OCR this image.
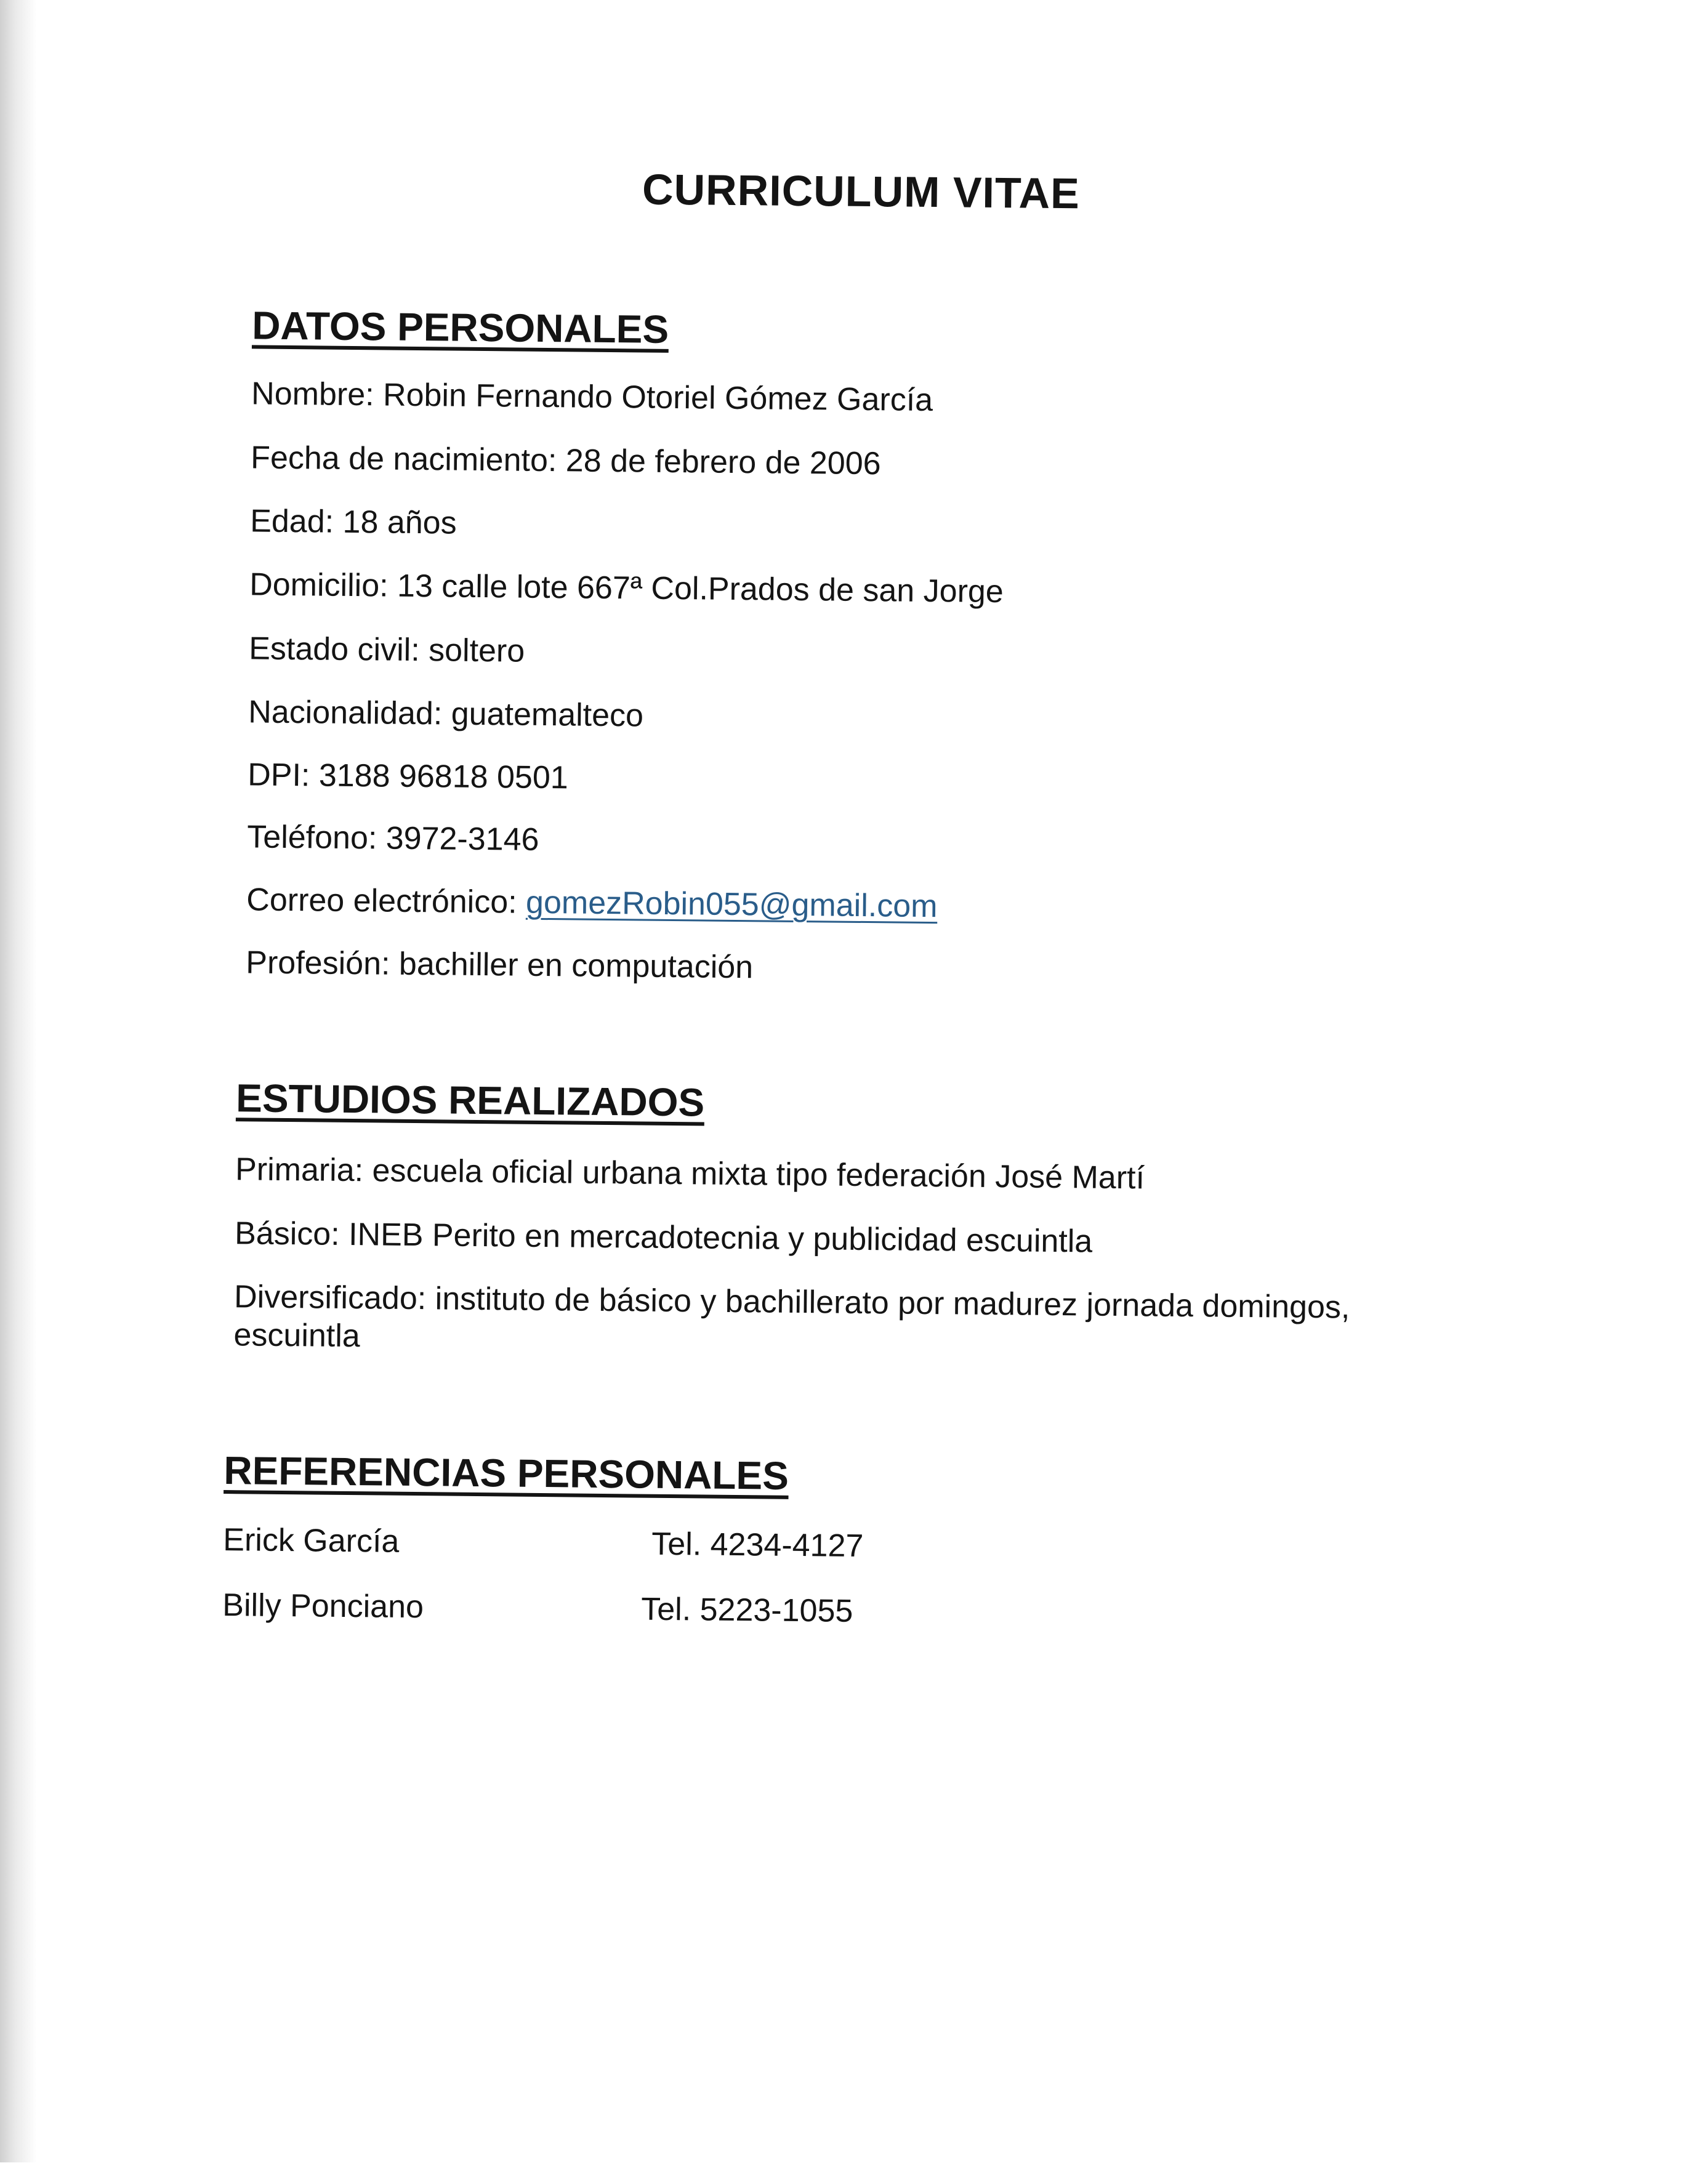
CURRICULUM VITAE
DATOS PERSONALES
Nombre: Robin Fernando Otoriel Gómez García
Fecha de nacimiento: 28 de febrero de 2006
Edad: 18 años
Domicilio: 13 calle lote 667ª Col.Prados de san Jorge
Estado civil: soltero
Nacionalidad: guatemalteco
DPI: 3188 96818 0501
Teléfono: 3972-3146
Correo electrónico: gomezRobin055@gmail.com
Profesión: bachiller en computación
ESTUDIOS REALIZADOS
Primaria: escuela oficial urbana mixta tipo federación José Martí
Básico: INEB Perito en mercadotecnia y publicidad escuintla
Diversificado: instituto de básico y bachillerato por madurez jornada domingos,
escuintla
REFERENCIAS PERSONALES
Erick García	Tel. 4234-4127
Billy Ponciano	Tel. 5223-1055
